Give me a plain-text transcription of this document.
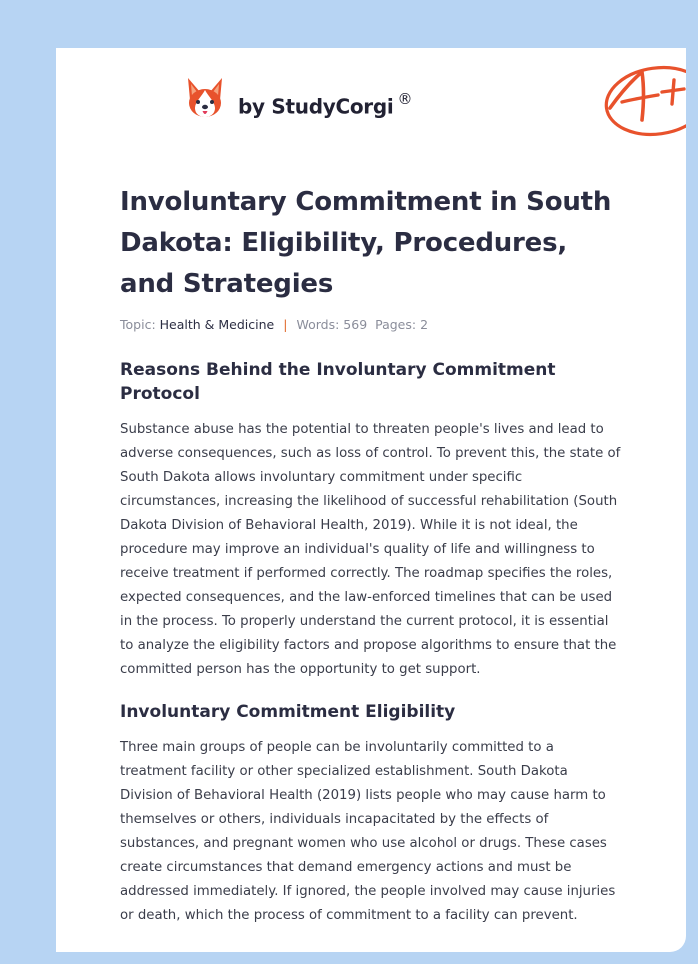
by StudyCorgi ®
Involuntary Commitment in South Dakota: Eligibility, Procedures, and Strategies
Topic: Health & Medicine | Words: 569 Pages: 2
Reasons Behind the Involuntary Commitment Protocol

Substance abuse has the potential to threaten people's lives and lead to adverse consequences, such as loss of control. To prevent this, the state of South Dakota allows involuntary commitment under specific circumstances, increasing the likelihood of successful rehabilitation (South Dakota Division of Behavioral Health, 2019). While it is not ideal, the procedure may improve an individual's quality of life and willingness to receive treatment if performed correctly. The roadmap specifies the roles, expected consequences, and the law-enforced timelines that can be used in the process. To properly understand the current protocol, it is essential to analyze the eligibility factors and propose algorithms to ensure that the committed person has the opportunity to get support.

Involuntary Commitment Eligibility

Three main groups of people can be involuntarily committed to a treatment facility or other specialized establishment. South Dakota Division of Behavioral Health (2019) lists people who may cause harm to themselves or others, individuals incapacitated by the effects of substances, and pregnant women who use alcohol or drugs. These cases create circumstances that demand emergency actions and must be addressed immediately. If ignored, the people involved may cause injuries or death, which the process of commitment to a facility can prevent.
